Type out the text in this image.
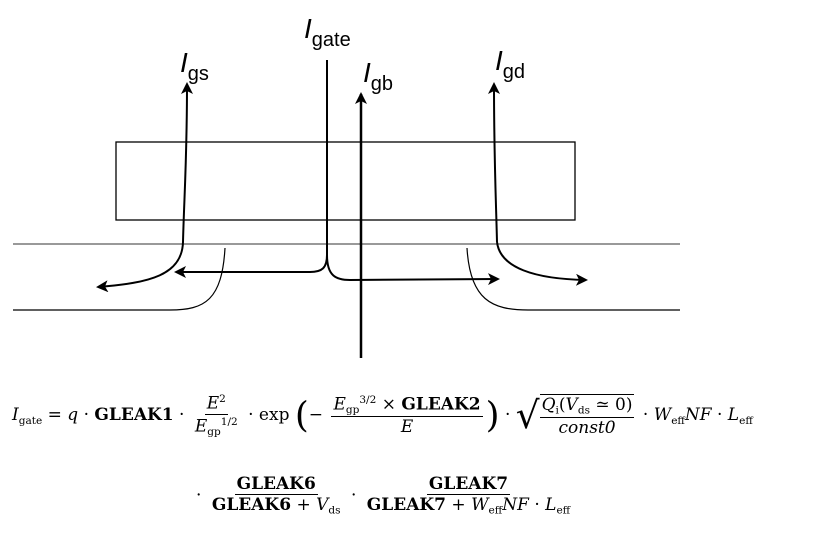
Igate
Igs	Igb
Igd
$I_{gate} = q$ · GLEAK1 · $\frac{E^2}{E_{gp}^{1/2}} \cdot \exp$ (− $\frac{E_{gp}^{3/2} \times GLEAK2}{E}$ ) · √ $\frac{Q_i(V_{ds} ≃ 0)}{\text{const0}} \cdot W_{eff}NF \cdot L_{eff}$
· $\frac{\text{GLEAK6}}{GLEAK6 + V_{ds}} \cdot \frac{\text{GLEAK7}}{GLEAK7 + W_{eff}NF \cdot L_{eff}}$
